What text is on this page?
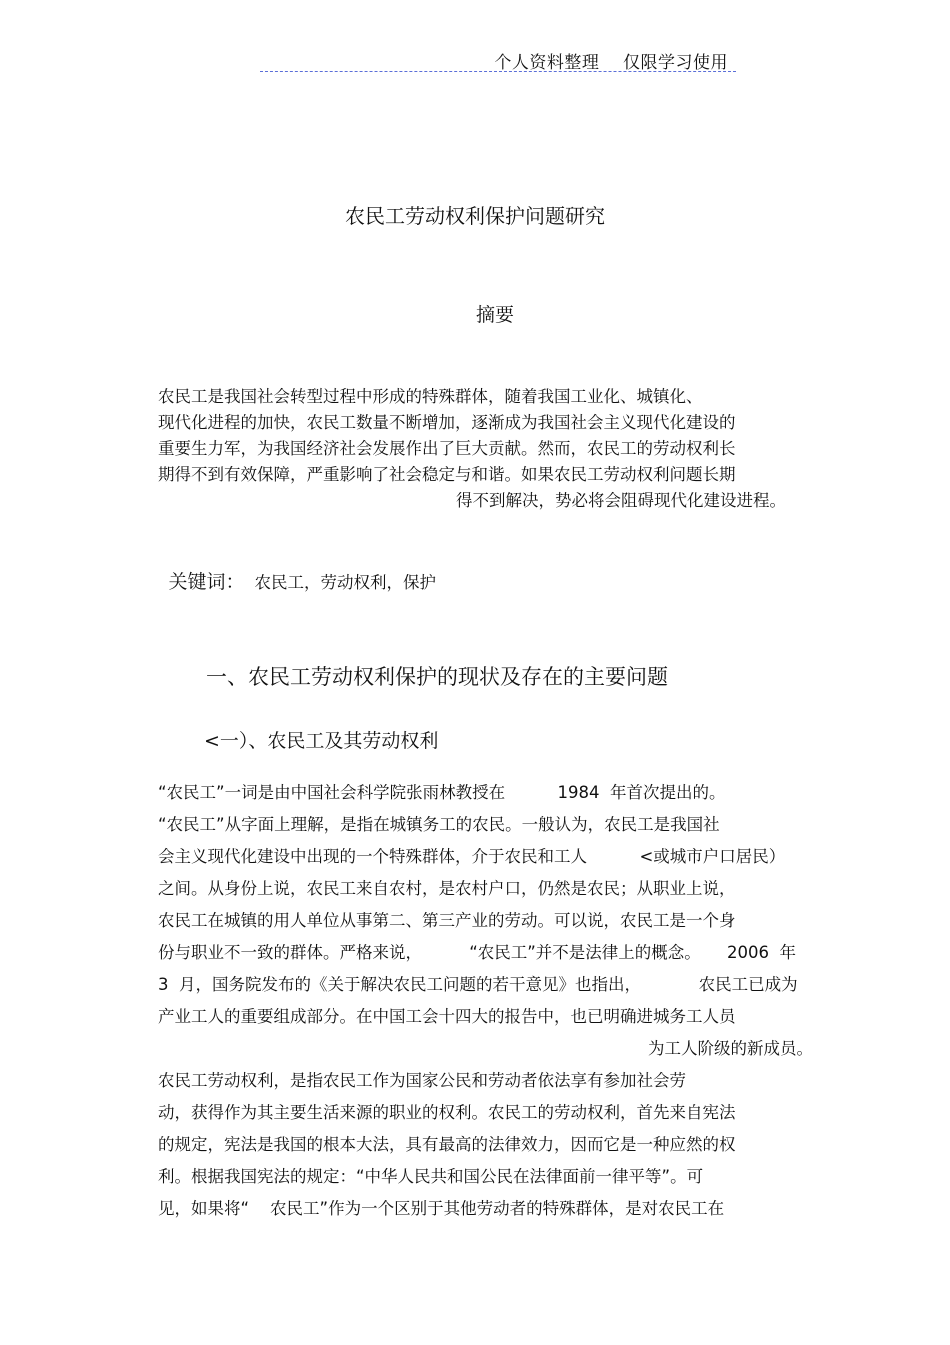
个人资料整理    仅限学习使用
农民工劳动权利保护问题研究
摘要
农民工是我国社会转型过程中形成的特殊群体，随着我国工业化、城镇化、
现代化进程的加快，农民工数量不断增加，逐渐成为我国社会主义现代化建设的
重要生力军，为我国经济社会发展作出了巨大贡献。然而，农民工的劳动权利长
期得不到有效保障，严重影响了社会稳定与和谐。如果农民工劳动权利问题长期
得不到解决，势必将会阻碍现代化建设进程。

关键词： 农民工，劳动权利，保护

一、农民工劳动权利保护的现状及存在的主要问题
<一）、农民工及其劳动权利
“农民工”一词是由中国社会科学院张雨林教授在          1984  年首次提出的。
“农民工”从字面上理解，是指在城镇务工的农民。一般认为，农民工是我国社
会主义现代化建设中出现的一个特殊群体，介于农民和工人          <或城市户口居民）
之间。从身份上说，农民工来自农村，是农村户口，仍然是农民；从职业上说，
农民工在城镇的用人单位从事第二、第三产业的劳动。可以说，农民工是一个身
份与职业不一致的群体。严格来说，         “农民工”并不是法律上的概念。     2006  年
3  月，国务院发布的《关于解决农民工问题的若干意见》也指出，           农民工已成为
产业工人的重要组成部分。在中国工会十四大的报告中，也已明确进城务工人员
为工人阶级的新成员。
农民工劳动权利，是指农民工作为国家公民和劳动者依法享有参加社会劳
动，获得作为其主要生活来源的职业的权利。农民工的劳动权利，首先来自宪法
的规定，宪法是我国的根本大法，具有最高的法律效力，因而它是一种应然的权
利。根据我国宪法的规定：“中华人民共和国公民在法律面前一律平等”。可
见，如果将“    农民工”作为一个区别于其他劳动者的特殊群体，是对农民工在
